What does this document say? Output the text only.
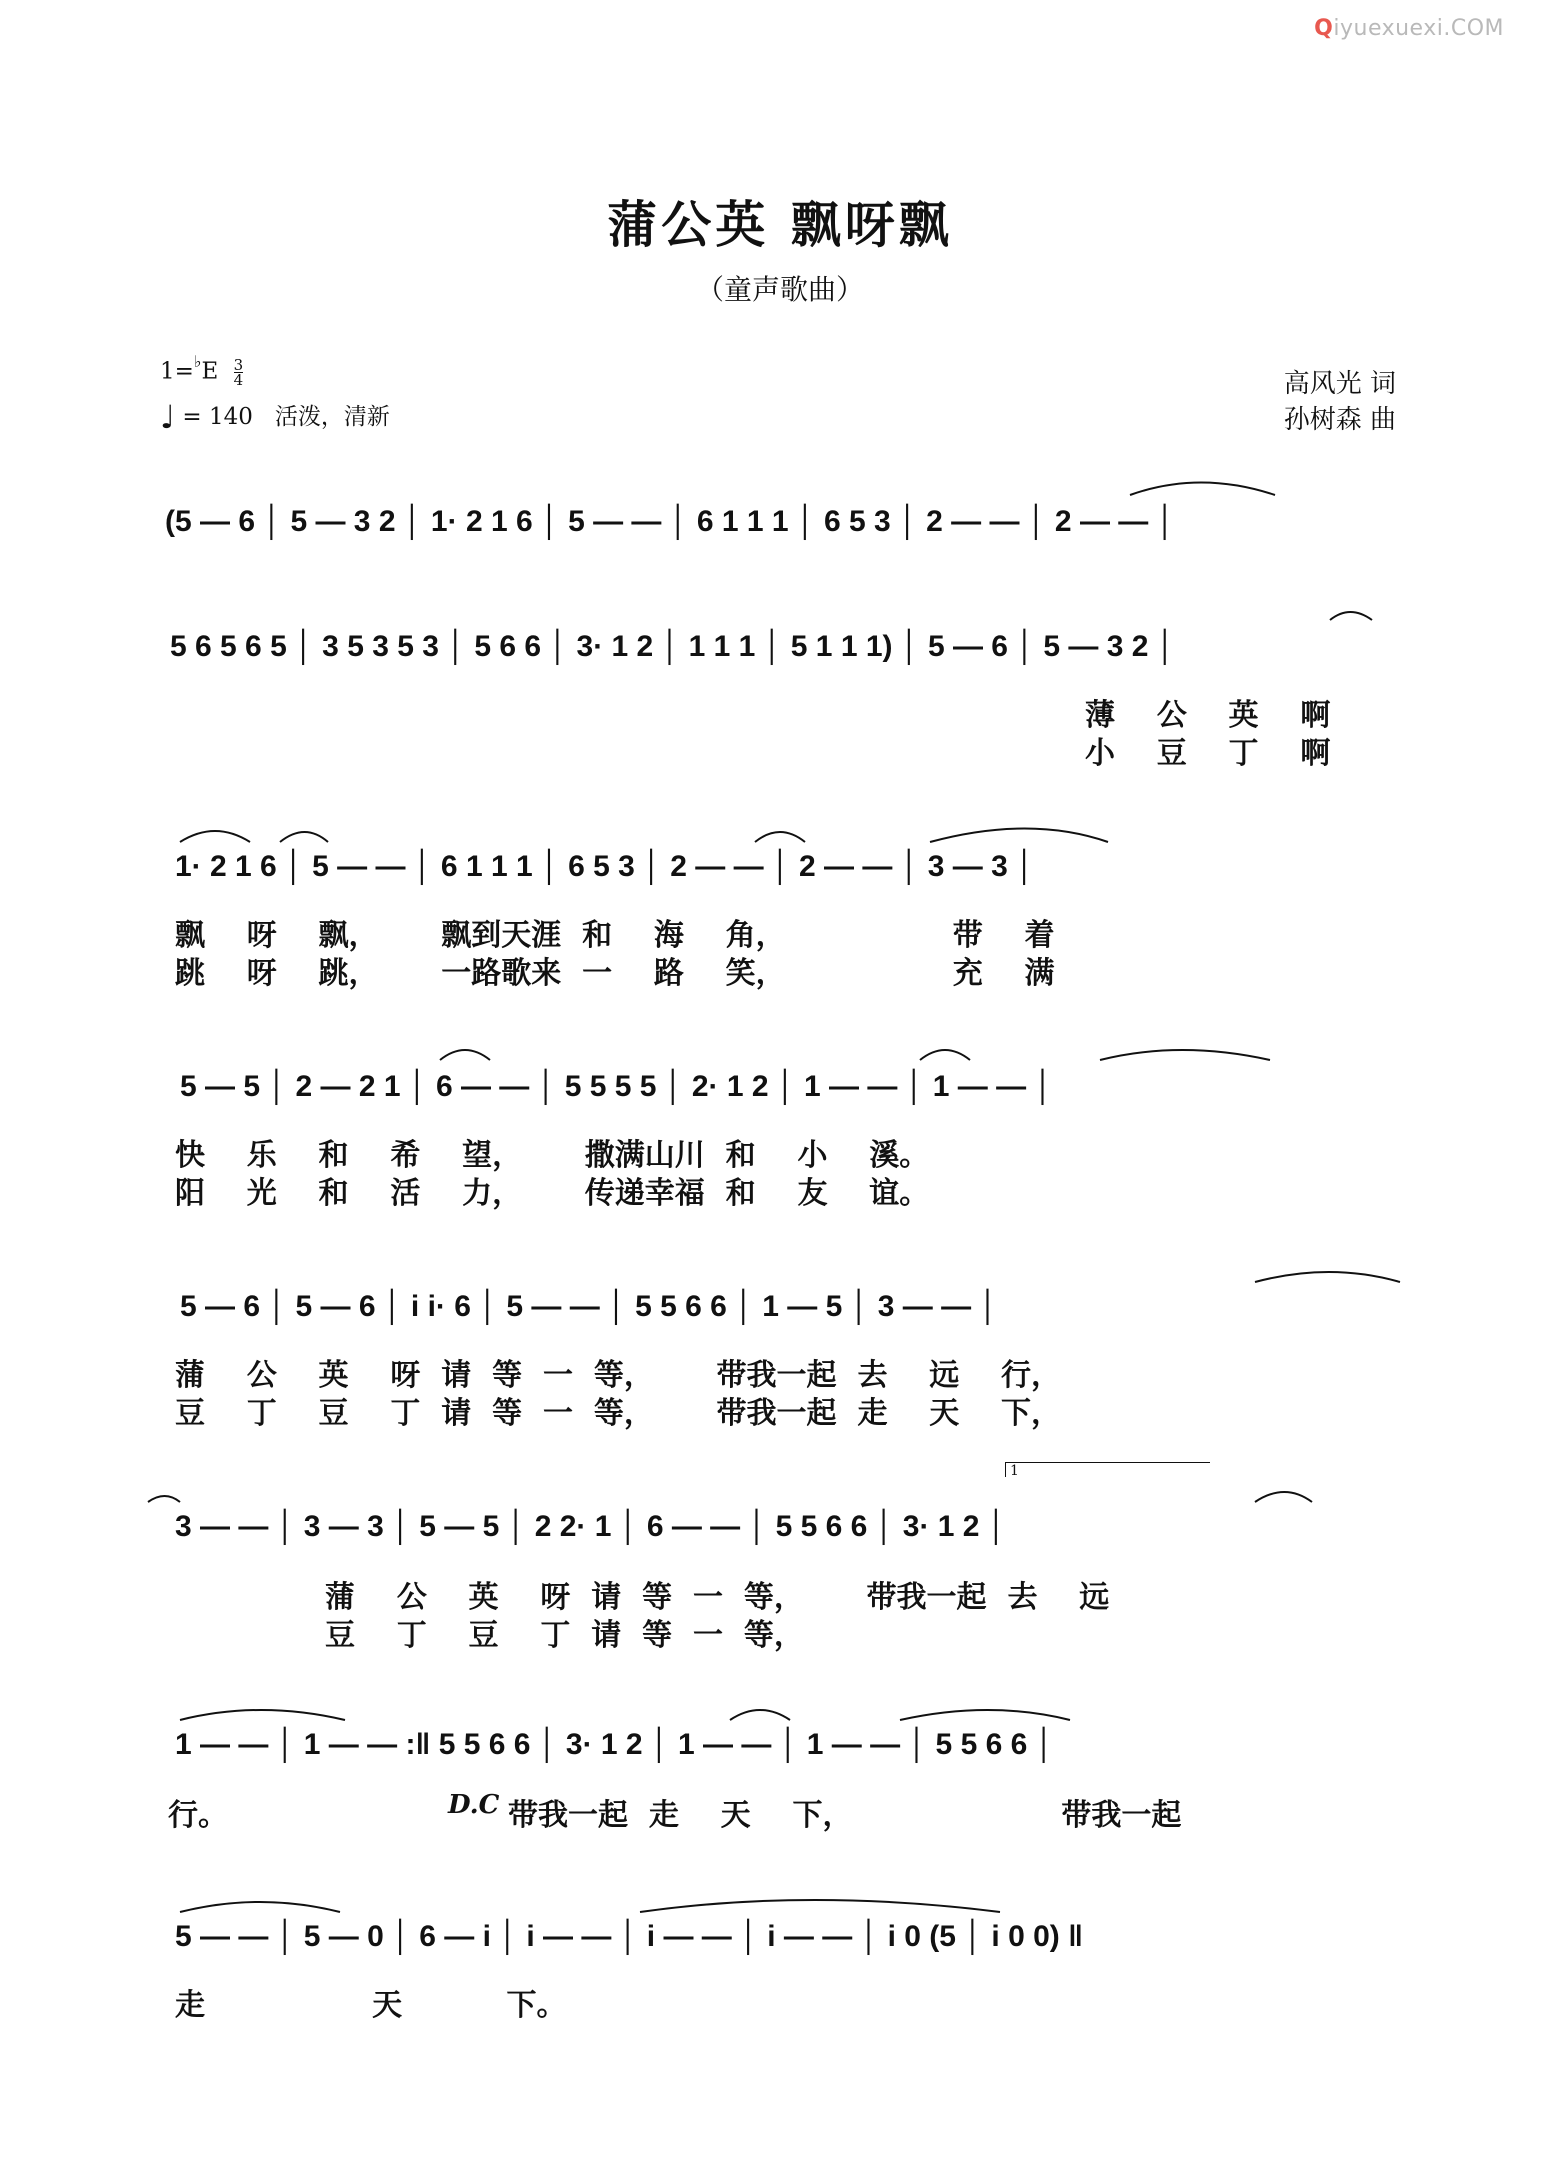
Qiyuexuexi.COM
蒲公英 飘呀飘
（童声歌曲）
$1=^♭E \frac{3}{4}$
♩ = 140 活泼，清新
高风光 词
孙树森 曲
(5 — 6 │ 5 — 3 2 │ 1· 2 1 6 │ 5 — — │ 6 1 1 1 │ 6 5 3 │ 2 — — │ 2 — — │
5 6 5 6 5 │ 3 5 3 5 3 │ 5 6 6 │ 3· 1 2 │ 1 1 1 │ 5 1 1 1) │ 5 — 6 │ 5 — 3 2 │
薄    公    英    啊
小    豆    丁    啊
1· 2 1 6 │ 5 — — │ 6 1 1 1 │ 6 5 3 │ 2 — — │ 2 — — │ 3 — 3 │
飘    呀    飘，      飘到天涯  和    海    角，                带    着
跳    呀    跳，      一路歌来  一    路    笑，                充    满
5 — 5 │ 2 — 2 1 │ 6 — — │ 5 5 5 5 │ 2· 1 2 │ 1 — — │ 1 — — │
快    乐    和    希    望，      撒满山川  和    小    溪。
阳    光    和    活    力，      传递幸福  和    友    谊。
5 — 6 │ 5 — 6 │ i i· 6 │ 5 — — │ 5 5 6 6 │ 1 — 5 │ 3 — — │
蒲    公    英    呀  请  等  一  等，      带我一起  去    远    行，
豆    丁    豆    丁  请  等  一  等，      带我一起  走    天    下，
1
3 — — │ 3 — 3 │ 5 — 5 │ 2 2· 1 │ 6 — — │ 5 5 6 6 │ 3· 1 2 │
蒲    公    英    呀  请  等  一  等，      带我一起  去    远
豆    丁    豆    丁  请  等  一  等，
1 — — │ 1 — — :‖ 5 5 6 6 │ 3· 1 2 │ 1 — — │ 1 — — │ 5 5 6 6 │
行。	D.C 带我一起  走    天    下，                    带我一起
5 — — │ 5 — 0 │ 6 — i │ i — — │ i — — │ i — — │ i 0 (5 │ i 0 0) ‖
走                天          下。
